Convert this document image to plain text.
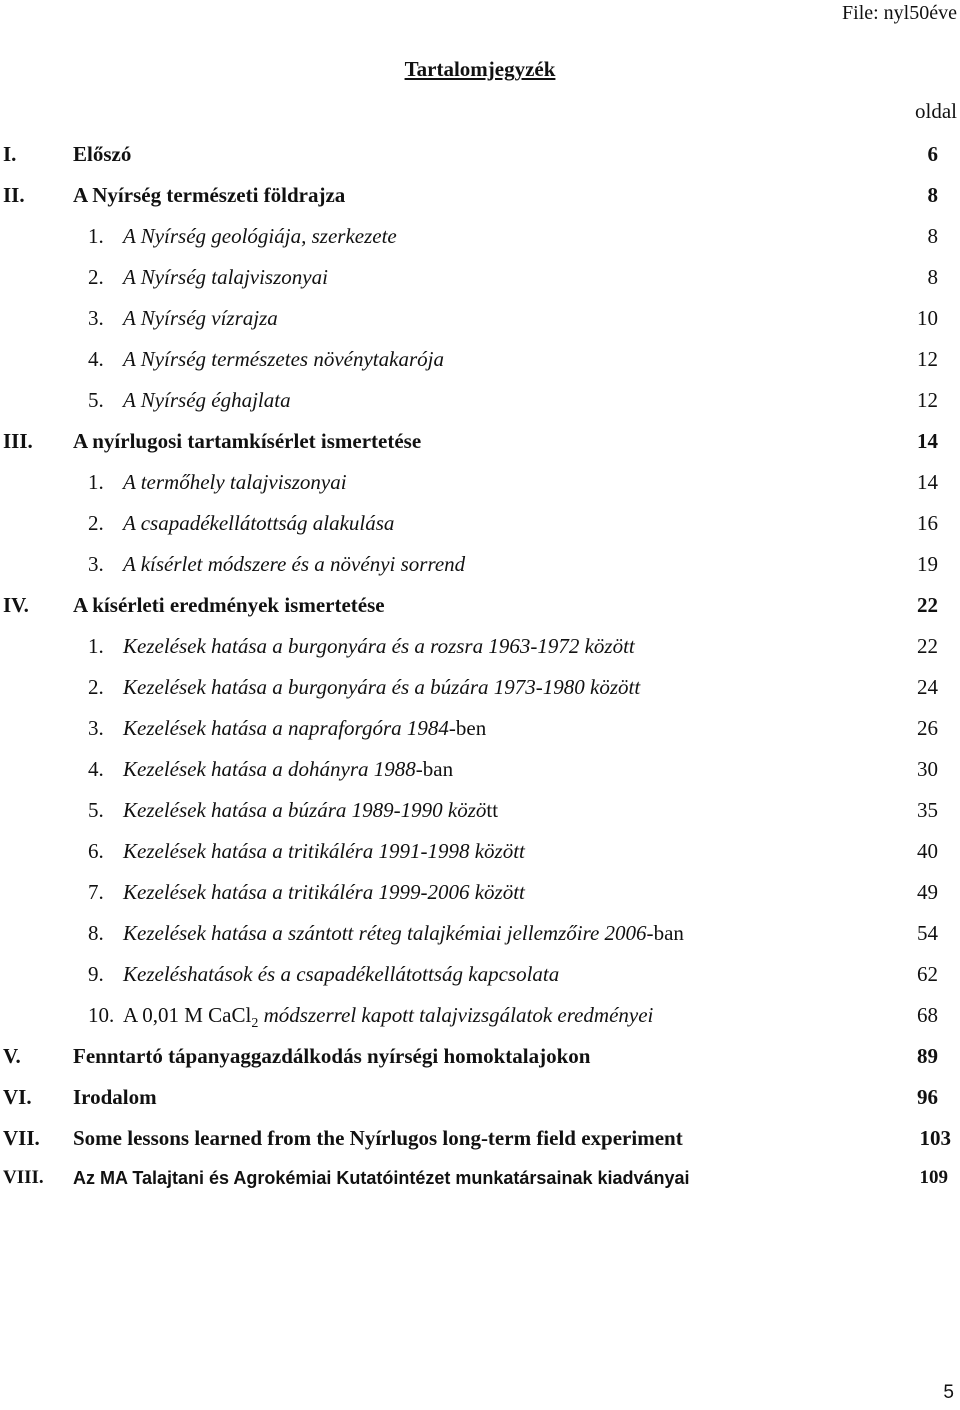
File: nyl50éve
Tartalomjegyzék
oldal
I.	Előszó	6
II. A Nyírség természeti földrajza	8
1. A Nyírség geológiája, szerkezete	8
2. A Nyírség talajviszonyai	8
3. A Nyírség vízrajza	10
4. A Nyírség természetes növénytakarója	12
5. A Nyírség éghajlata	12
III. A nyírlugosi tartamkísérlet ismertetése	14
1. A termőhely talajviszonyai	14
2. A csapadékellátottság alakulása	16
3. A kísérlet módszere és a növényi sorrend	19
IV. A kísérleti eredmények ismertetése	22
1. Kezelések hatása a burgonyára és a rozsra 1963-1972 között	22
2. Kezelések hatása a burgonyára és a búzára 1973-1980 között	24
3. Kezelések hatása a napraforgóra 1984-ben	26
4. Kezelések hatása a dohányra 1988-ban	30
5. Kezelések hatása a búzára 1989-1990 között	35
6. Kezelések hatása a tritikáléra 1991-1998 között	40
7. Kezelések hatása a tritikáléra 1999-2006 között	49
8. Kezelések hatása a szántott réteg talajkémiai jellemzőire 2006-ban	54
9. Kezeléshatások és a csapadékellátottság kapcsolata	62
10. A 0,01 M CaCl$_2$ módszerrel kapott talajvizsgálatok eredményei	68
V. Fenntartó tápanyaggazdálkodás nyírségi homoktalajokon	89
VI. Irodalom	96
VII. Some lessons learned from the Nyírlugos long-term field experiment	103
VIII. Az MA Talajtani és Agrokémiai Kutatóintézet munkatársainak kiadványai	109
5
